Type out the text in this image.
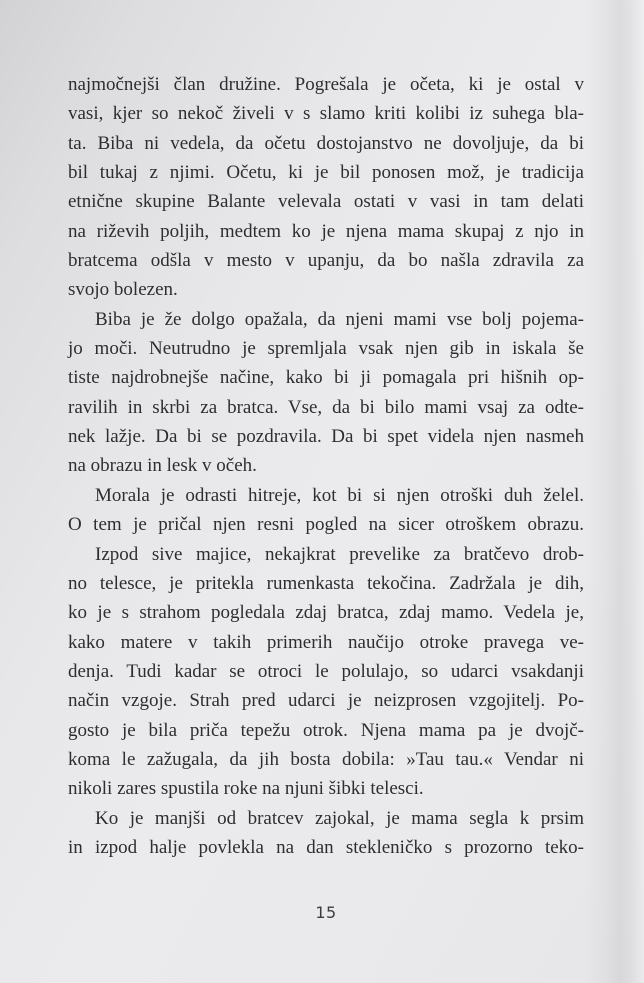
najmočnejši član družine. Pogrešala je očeta, ki je ostal v
vasi, kjer so nekoč živeli v s slamo kriti kolibi iz suhega bla-
ta. Biba ni vedela, da očetu dostojanstvo ne dovoljuje, da bi
bil tukaj z njimi. Očetu, ki je bil ponosen mož, je tradicija
etnične skupine Balante velevala ostati v vasi in tam delati
na riževih poljih, medtem ko je njena mama skupaj z njo in
bratcema odšla v mesto v upanju, da bo našla zdravila za
svojo bolezen.
Biba je že dolgo opažala, da njeni mami vse bolj pojema-
jo moči. Neutrudno je spremljala vsak njen gib in iskala še
tiste najdrobnejše načine, kako bi ji pomagala pri hišnih op-
ravilih in skrbi za bratca. Vse, da bi bilo mami vsaj za odte-
nek lažje. Da bi se pozdravila. Da bi spet videla njen nasmeh
na obrazu in lesk v očeh.
Morala je odrasti hitreje, kot bi si njen otroški duh želel.
O tem je pričal njen resni pogled na sicer otroškem obrazu.
Izpod sive majice, nekajkrat prevelike za bratčevo drob-
no telesce, je pritekla rumenkasta tekočina. Zadržala je dih,
ko je s strahom pogledala zdaj bratca, zdaj mamo. Vedela je,
kako matere v takih primerih naučijo otroke pravega ve-
denja. Tudi kadar se otroci le polulajo, so udarci vsakdanji
način vzgoje. Strah pred udarci je neizprosen vzgojitelj. Po-
gosto je bila priča tepežu otrok. Njena mama pa je dvojč-
koma le zažugala, da jih bosta dobila: »Tau tau.« Vendar ni
nikoli zares spustila roke na njuni šibki telesci.
Ko je manjši od bratcev zajokal, je mama segla k prsim
in izpod halje povlekla na dan stekleničko s prozorno teko-
15
